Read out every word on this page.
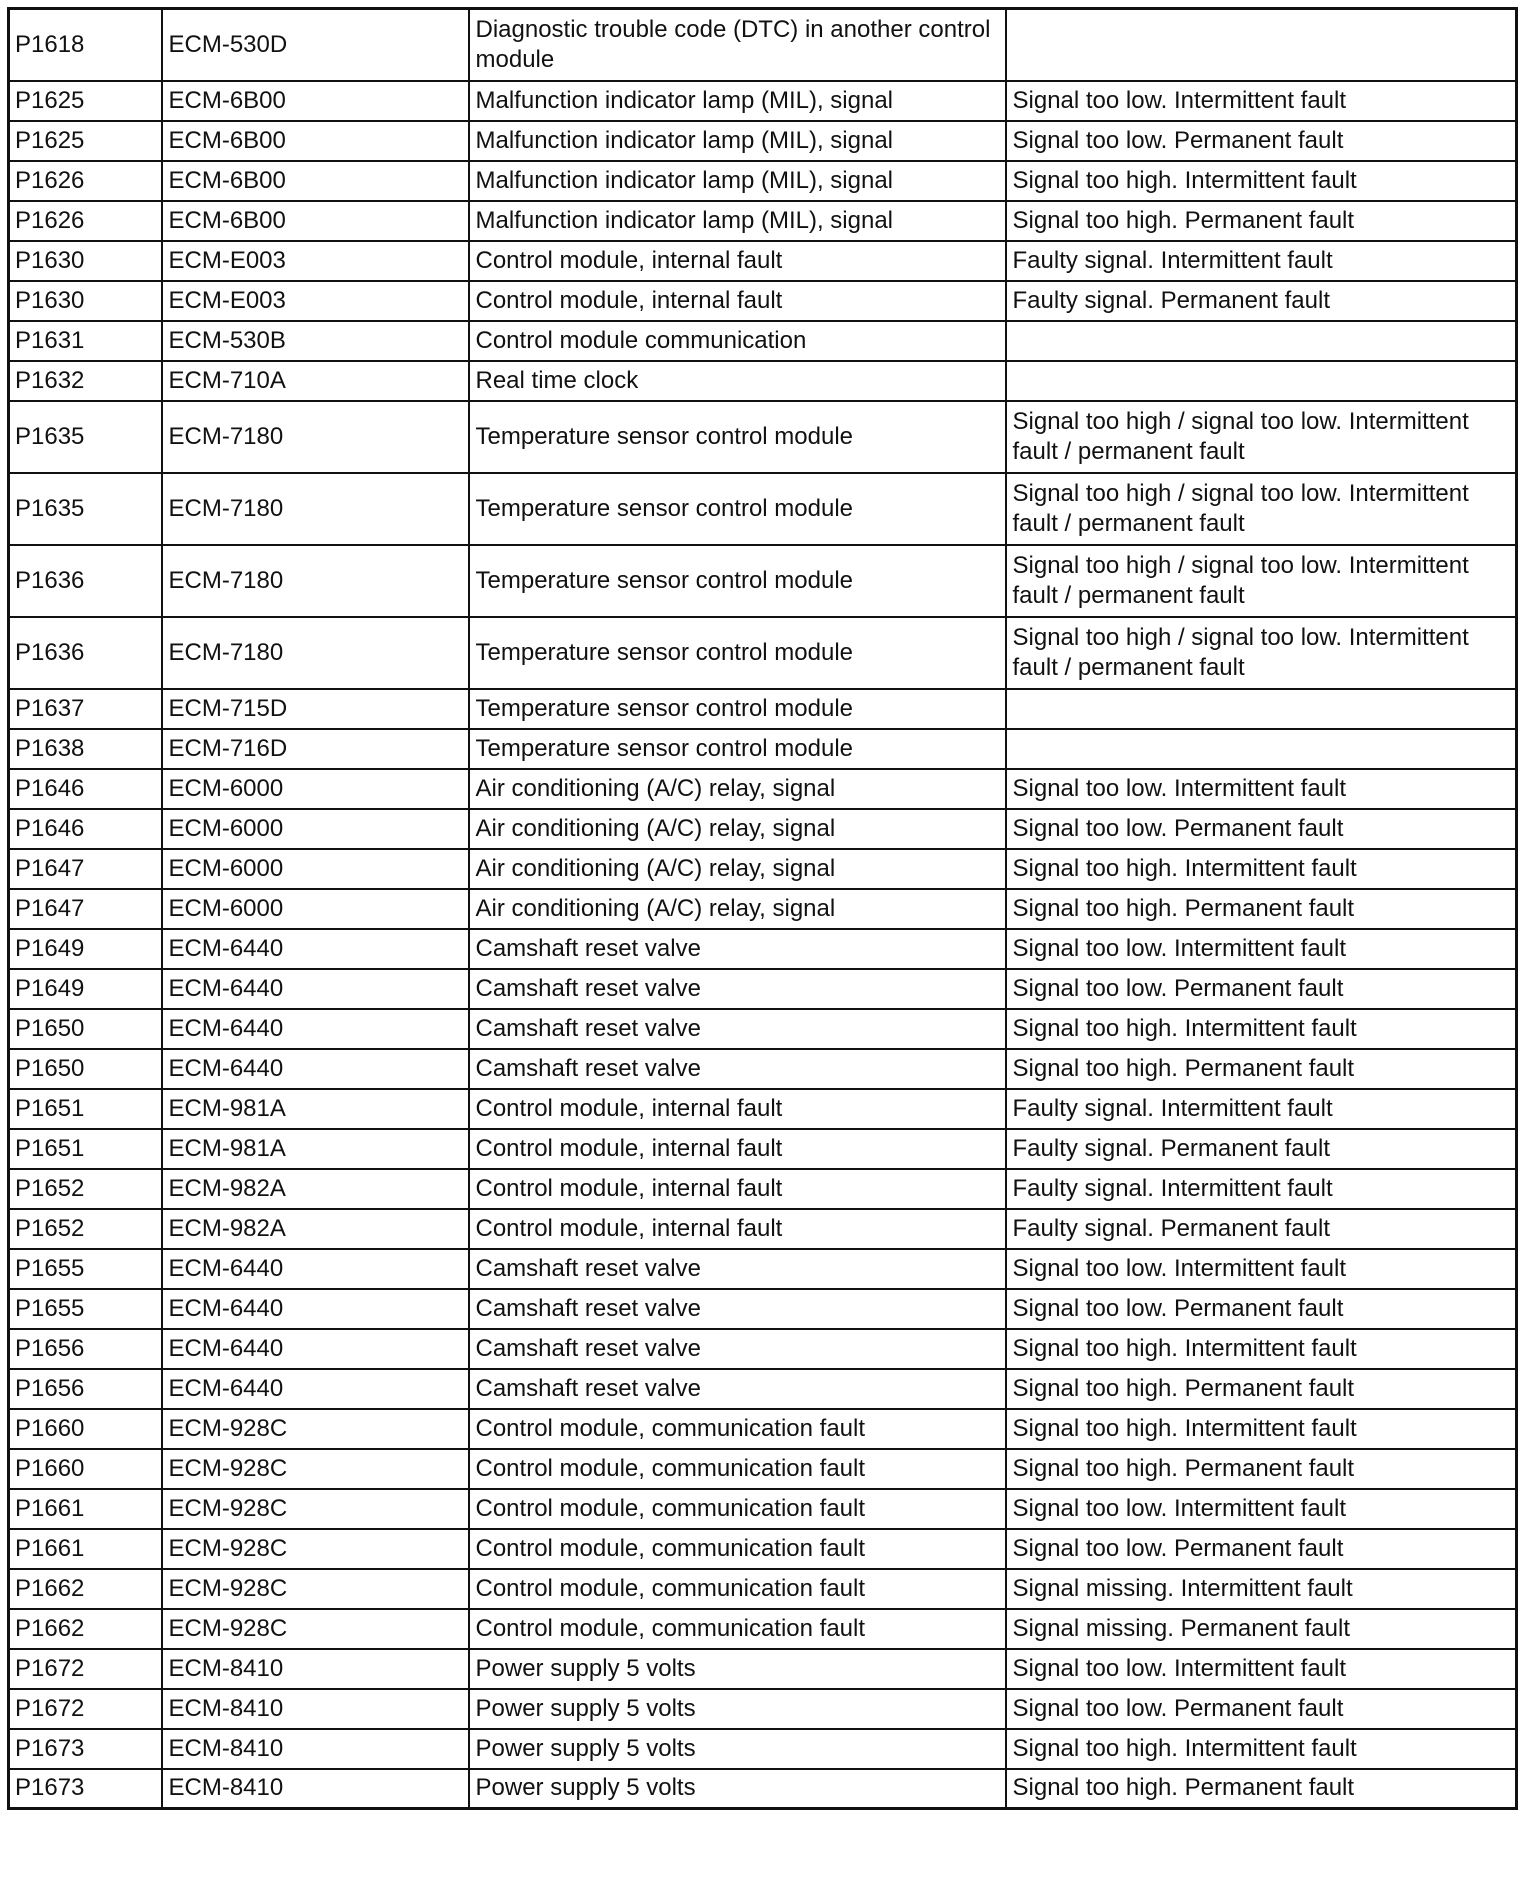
P1618	ECM-530D	Diagnostic trouble code (DTC) in another control module	
P1625	ECM-6B00	Malfunction indicator lamp (MIL), signal	Signal too low. Intermittent fault
P1625	ECM-6B00	Malfunction indicator lamp (MIL), signal	Signal too low. Permanent fault
P1626	ECM-6B00	Malfunction indicator lamp (MIL), signal	Signal too high. Intermittent fault
P1626	ECM-6B00	Malfunction indicator lamp (MIL), signal	Signal too high. Permanent fault
P1630	ECM-E003	Control module, internal fault	Faulty signal. Intermittent fault
P1630	ECM-E003	Control module, internal fault	Faulty signal. Permanent fault
P1631	ECM-530B	Control module communication	
P1632	ECM-710A	Real time clock	
P1635	ECM-7180	Temperature sensor control module	Signal too high / signal too low. Intermittent fault / permanent fault
P1635	ECM-7180	Temperature sensor control module	Signal too high / signal too low. Intermittent fault / permanent fault
P1636	ECM-7180	Temperature sensor control module	Signal too high / signal too low. Intermittent fault / permanent fault
P1636	ECM-7180	Temperature sensor control module	Signal too high / signal too low. Intermittent fault / permanent fault
P1637	ECM-715D	Temperature sensor control module	
P1638	ECM-716D	Temperature sensor control module	
P1646	ECM-6000	Air conditioning (A/C) relay, signal	Signal too low. Intermittent fault
P1646	ECM-6000	Air conditioning (A/C) relay, signal	Signal too low. Permanent fault
P1647	ECM-6000	Air conditioning (A/C) relay, signal	Signal too high. Intermittent fault
P1647	ECM-6000	Air conditioning (A/C) relay, signal	Signal too high. Permanent fault
P1649	ECM-6440	Camshaft reset valve	Signal too low. Intermittent fault
P1649	ECM-6440	Camshaft reset valve	Signal too low. Permanent fault
P1650	ECM-6440	Camshaft reset valve	Signal too high. Intermittent fault
P1650	ECM-6440	Camshaft reset valve	Signal too high. Permanent fault
P1651	ECM-981A	Control module, internal fault	Faulty signal. Intermittent fault
P1651	ECM-981A	Control module, internal fault	Faulty signal. Permanent fault
P1652	ECM-982A	Control module, internal fault	Faulty signal. Intermittent fault
P1652	ECM-982A	Control module, internal fault	Faulty signal. Permanent fault
P1655	ECM-6440	Camshaft reset valve	Signal too low. Intermittent fault
P1655	ECM-6440	Camshaft reset valve	Signal too low. Permanent fault
P1656	ECM-6440	Camshaft reset valve	Signal too high. Intermittent fault
P1656	ECM-6440	Camshaft reset valve	Signal too high. Permanent fault
P1660	ECM-928C	Control module, communication fault	Signal too high. Intermittent fault
P1660	ECM-928C	Control module, communication fault	Signal too high. Permanent fault
P1661	ECM-928C	Control module, communication fault	Signal too low. Intermittent fault
P1661	ECM-928C	Control module, communication fault	Signal too low. Permanent fault
P1662	ECM-928C	Control module, communication fault	Signal missing. Intermittent fault
P1662	ECM-928C	Control module, communication fault	Signal missing. Permanent fault
P1672	ECM-8410	Power supply 5 volts	Signal too low. Intermittent fault
P1672	ECM-8410	Power supply 5 volts	Signal too low. Permanent fault
P1673	ECM-8410	Power supply 5 volts	Signal too high. Intermittent fault
P1673	ECM-8410	Power supply 5 volts	Signal too high. Permanent fault
